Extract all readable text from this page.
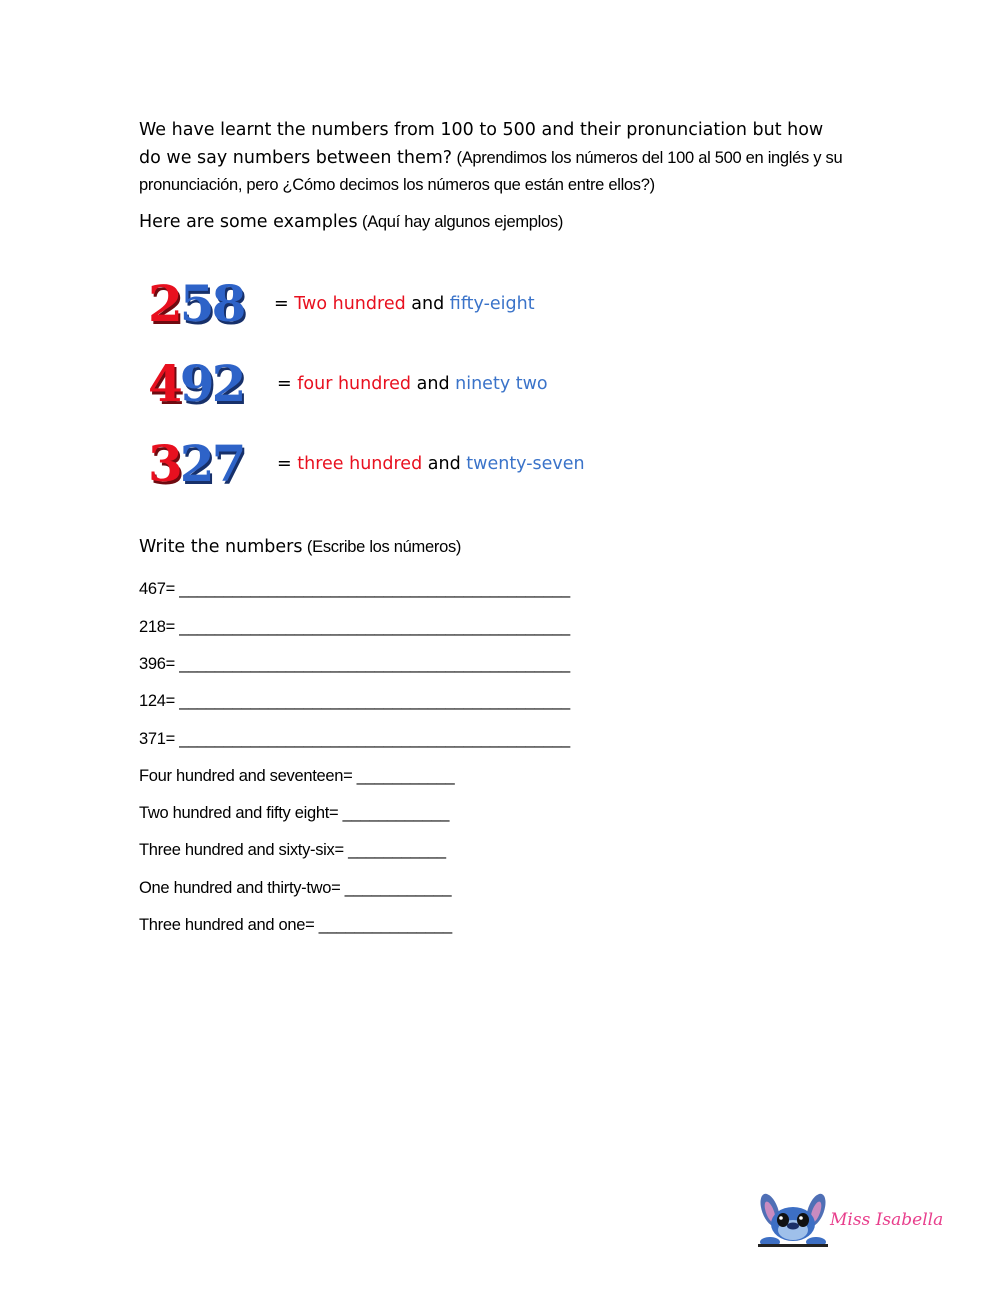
We have learnt the numbers from 100 to 500 and their pronunciation but how
do we say numbers between them? (Aprendimos los números del 100 al 500 en inglés y su
pronunciación, pero ¿Cómo decimos los números que están entre ellos?)
Here are some examples (Aquí hay algunos ejemplos)
258 = Two hundred and fifty-eight
492 = four hundred and ninety two
327 = three hundred and twenty-seven
Write the numbers (Escribe los números)
467= ____________________________________________
218= ____________________________________________
396= ____________________________________________
124= ____________________________________________
371= ____________________________________________
Four hundred and seventeen= ___________
Two hundred and fifty eight= ____________
Three hundred and sixty-six= ___________
One hundred and thirty-two= ____________
Three hundred and one= _______________
Miss Isabella
